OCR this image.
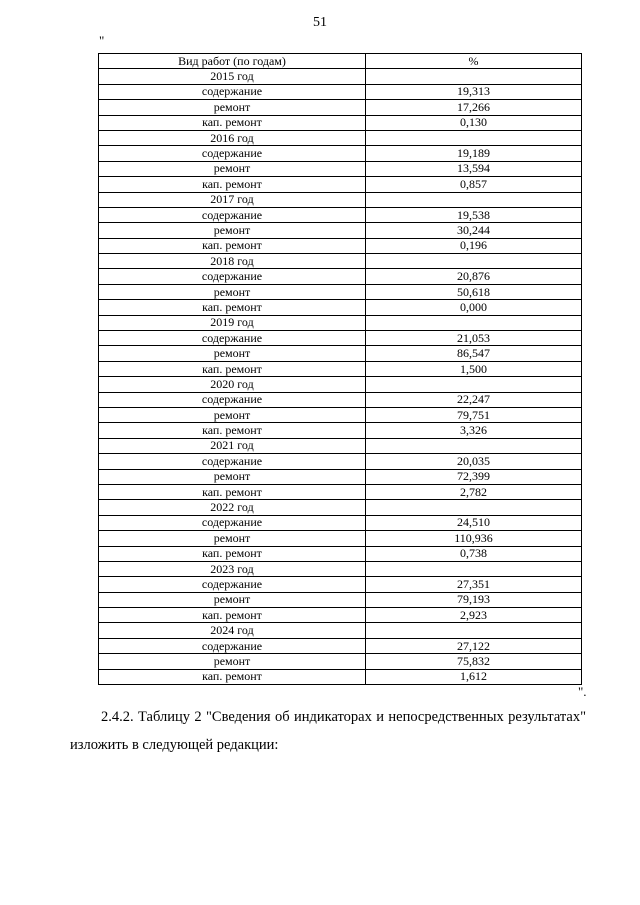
51
"
Вид работ (по годам)	%
2015 год	
содержание	19,313
ремонт	17,266
кап. ремонт	0,130
2016 год	
содержание	19,189
ремонт	13,594
кап. ремонт	0,857
2017 год	
содержание	19,538
ремонт	30,244
кап. ремонт	0,196
2018 год	
содержание	20,876
ремонт	50,618
кап. ремонт	0,000
2019 год	
содержание	21,053
ремонт	86,547
кап. ремонт	1,500
2020 год	
содержание	22,247
ремонт	79,751
кап. ремонт	3,326
2021 год	
содержание	20,035
ремонт	72,399
кап. ремонт	2,782
2022 год	
содержание	24,510
ремонт	110,936
кап. ремонт	0,738
2023 год	
содержание	27,351
ремонт	79,193
кап. ремонт	2,923
2024 год	
содержание	27,122
ремонт	75,832
кап. ремонт	1,612
".
2.4.2. Таблицу 2 "Сведения об индикаторах и непосредственных результатах" изложить в следующей редакции:
